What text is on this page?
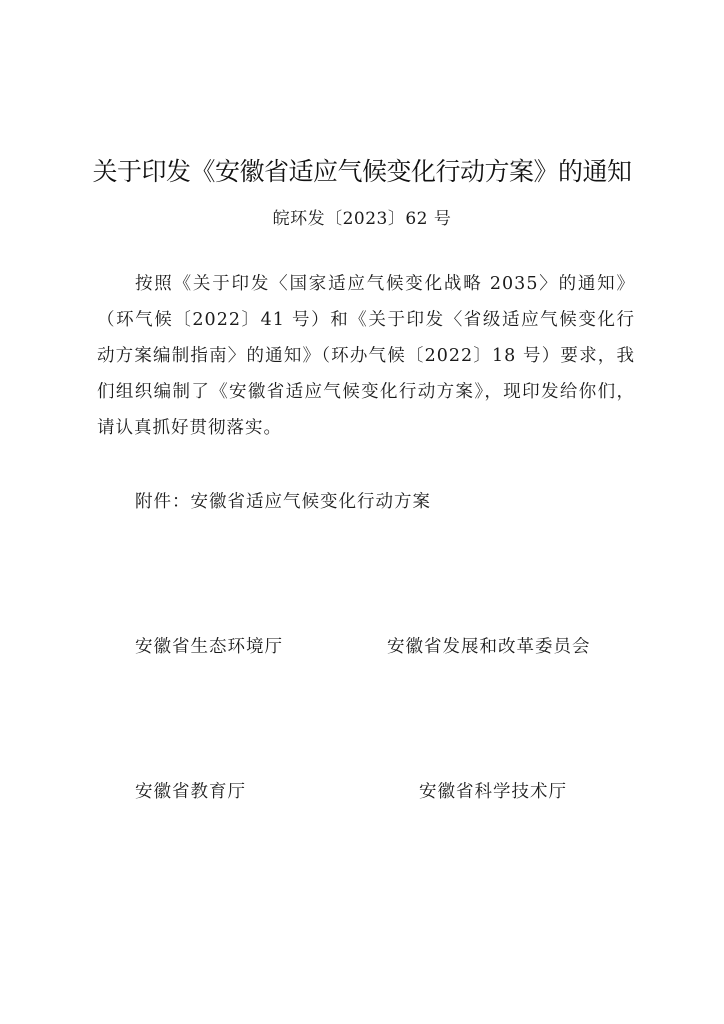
关于印发《安徽省适应气候变化行动方案》的通知
皖环发〔2023〕62 号

按照《关于印发〈国家适应气候变化战略 2035〉的通知》（环气候〔2022〕41 号）和《关于印发〈省级适应气候变化行动方案编制指南〉的通知》（环办气候〔2022〕18 号）要求，我们组织编制了《安徽省适应气候变化行动方案》，现印发给你们，请认真抓好贯彻落实。

附件：安徽省适应气候变化行动方案
安徽省生态环境厅	安徽省发展和改革委员会
安徽省教育厅	安徽省科学技术厅
